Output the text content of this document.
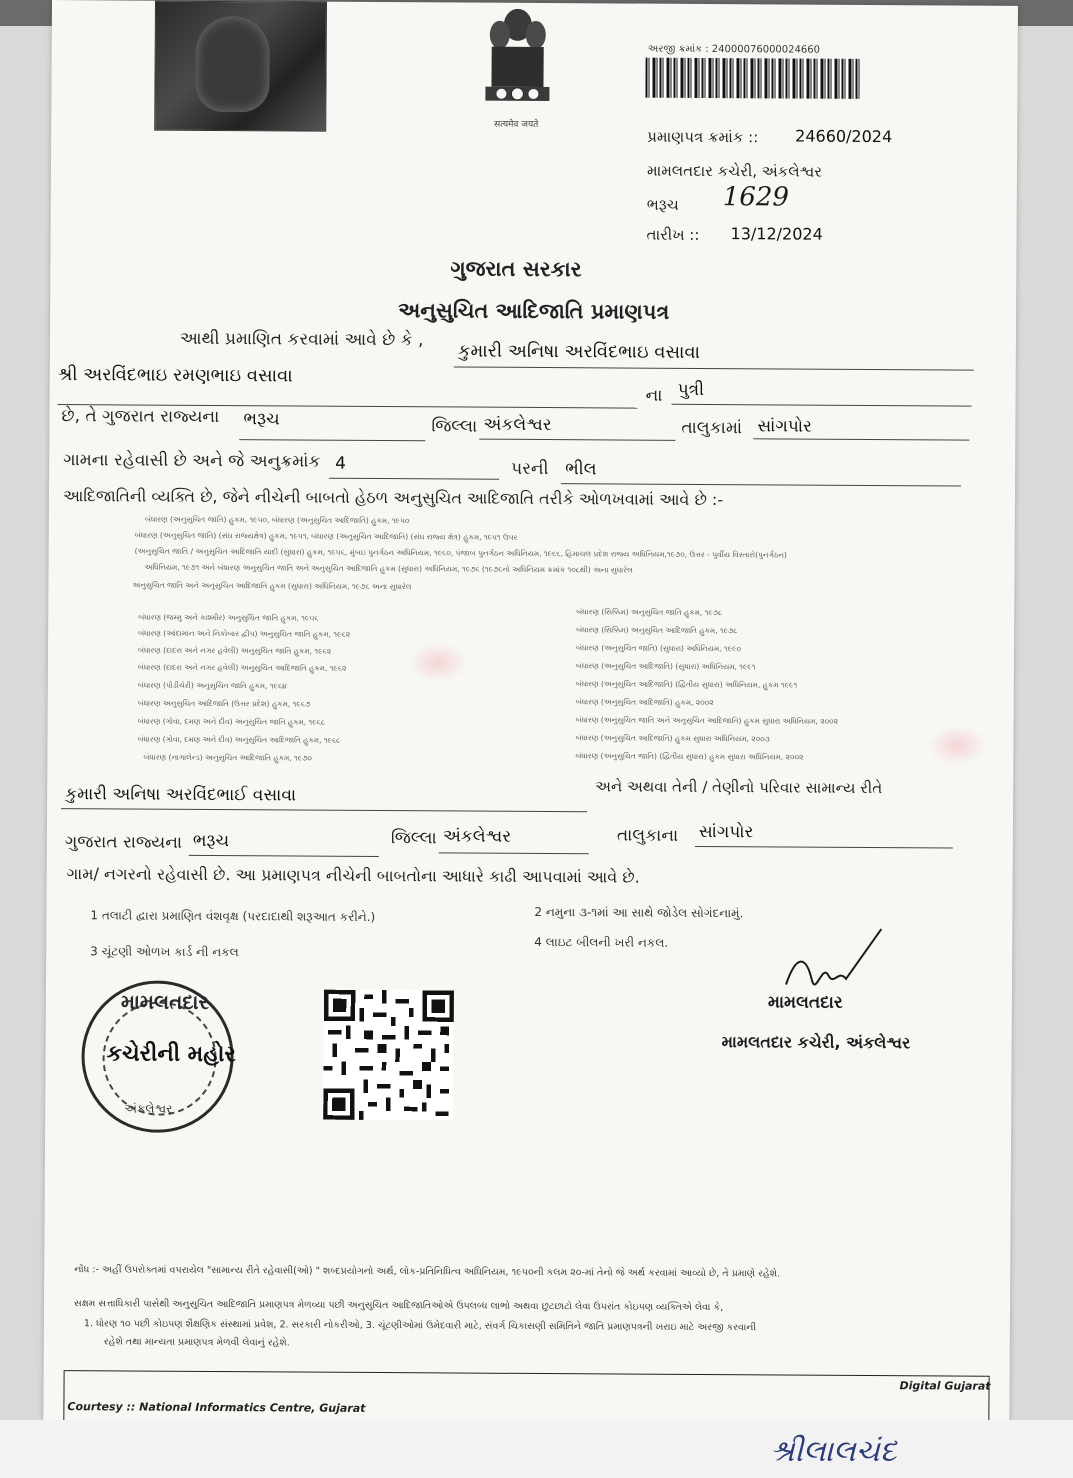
सत्यमेव जयते
અરજી ક્રમાંક : 24000076000024660
પ્રમાણપત્ર ક્રમાંક :: 24660/2024
મામલતદાર કચેરી, અંકલેશ્વર
ભરૂચ 1629
તારીખ :: 13/12/2024
ગુજરાત સરકાર
અનુસુચિત આદિજાતિ પ્રમાણપત્ર
આથી પ્રમાણિત કરવામાં આવે છે કે ,
કુમારી અનિષા અરવિંદભાઇ વસાવા
શ્રી અરવિંદભાઇ રમણભાઇ વસાવા
ના પુત્રી
છે, તે ગુજરાત રાજ્યના ભરૂચ	જિલ્લા અંકલેશ્વર	તાલુકામાં સાંગપોર
ગામના રહેવાસી છે અને જે અનુક્રમાંક 4	પરની ભીલ
આદિજાતિની વ્યક્તિ છે, જેને નીચેની બાબતો હેઠળ અનુસુચિત આદિજાતિ તરીકે ઓળખવામાં આવે છે :-
બંધારણ (અનુસુચિત જાતિ) હુકમ, ૧૯૫૦, બંધારણ (અનુસુચિત આદિજાતિ) હુકમ, ૧૯૫૦
બંધારણ (અનુસુચિત જાતિ) (સંઘ રાજ્યક્ષેત્ર) હુકમ, ૧૯૫૧, બંધારણ (અનુસુચિત આદિજાતિ) (સંઘ રાજ્ય ક્ષેત્ર) હુકમ, ૧૯૫૧ ઉપર
(અનુસુચિત જાતિ / અનુસુચિત આદિજાતિ યાદી (સુધારા) હુકમ, ૧૯૫૬, મુંબઇ પુનર્ગઠન અધિનિયમ, ૧૯૬૦, પંજાબ પુનર્ગઠન અધિનિયમ, ૧૯૬૬, હિમાચલ પ્રદેશ રાજ્ય અધિનિયમ,૧૯૭૦, ઉત્તર - પુર્વીય વિસ્તારો(પુનર્ગઠન)
અધિનિયમ, ૧૯૭૧ અને બંધારણ અનુસુચિત જાતિ અને અનુસુચિત આદિજાતિ હુકમ (સુધારા) અધિનિયમ, ૧૯૭૬ (૧૯૭૬નો અધિનિયમ ક્રમાંક ૧૦૮થી) અના સુધારેલ
અનુસુચિત જાતિ અને અનુસુચિત આદિજાતિ હુકમ (સુધારા) અધિનિયમ, ૧૯૭૬ અના સુધારેલ
બંધારણ (જમ્મુ અને કાશ્મીર) અનુસુચિત જાતિ હુકમ, ૧૯૫૬
બંધારણ (આંદામાન અને નિકોબાર દ્વીપ) અનુસુચિત જાતિ હુકમ, ૧૯૬૨
બંધારણ (દાદરા અને નગર હવેલી) અનુસુચિત જાતિ હુકમ, ૧૯૬૨
બંધારણ (દાદરા અને નગર હવેલી) અનુસુચિત આદિજાતિ હુકમ, ૧૯૬૨
બંધારણ (પોંડીચેરી) અનુસુચિત જાતિ હુકમ, ૧૯૬૪
બંધારણ અનુસુચિત આદિજાતિ (ઉત્તર પ્રદેશ) હુકમ, ૧૯૬૭
બંધારણ (ગોવા, દમણ અને દીવ) અનુસુચિત જાતિ હુકમ, ૧૯૬૮
બંધારણ (ગોવા, દમણ અને દીવ) અનુસુચિત આદિજાતિ હુકમ, ૧૯૬૮
બંધારણ (નાગાલેન્ડ) અનુસુચિત આદિજાતિ હુકમ, ૧૯૭૦
બંધારણ (સિક્કિમ) અનુસુચિત જાતિ હુકમ, ૧૯૭૮
બંધારણ (સિક્કિમ) અનુસુચિત આદિજાતિ હુકમ, ૧૯૭૮
બંધારણ (અનુસુચિત જાતિ) (સુધારા) અધિનિયમ, ૧૯૯૦
બંધારણ (અનુસુચિત આદિજાતિ) (સુધારા) અધિનિયમ, ૧૯૯૧
બંધારણ (અનુસુચિત આદિજાતિ) (દ્વિતીય સુધારા) અધિનિયમ, હુકમ ૧૯૯૧
બંધારણ (અનુસુચિત આદિજાતિ) હુકમ, ૨૦૦૨
બંધારણ (અનુસુચિત જાતિ અને અનુસુચિત આદિજાતિ) હુકમ સુધારા અધિનિયમ, ૨૦૦૨
બંધારણ (અનુસુચિત આદિજાતિ) હુકમ સુધારા અધિનિયમ, ૨૦૦૩
બંધારણ (અનુસુચિત જાતિ) (દ્વિતીય સુધારા) હુકમ સુધારા અધિનિયમ, ૨૦૦૨
કુમારી અનિષા અરવિંદભાઈ વસાવા	અને અથવા તેની / તેણીનો પરિવાર સામાન્ય રીતે
ગુજરાત રાજ્યના ભરૂચ	જિલ્લા અંકલેશ્વર	તાલુકાના સાંગપોર
ગામ/ નગરનો રહેવાસી છે. આ પ્રમાણપત્ર નીચેની બાબતોના આધારે કાઢી આપવામાં આવે છે.
1 તલાટી દ્વારા પ્રમાણિત વંશવૃક્ષ (પરદાદાથી શરૂઆત કરીને.)	2 નમુના ૩-૧માં આ સાથે જોડેલ સોગંદનામું.
3 ચૂંટણી ઓળખ કાર્ડ ની નકલ
4 લાઇટ બીલની ખરી નકલ.
મામલતદાર
મામલતદાર કચેરી, અંકલેશ્વર
મામલતદાર
કચેરીની મહોર
અંકલેશ્વર
નોંધ :- અહીં ઉપરોક્તમાં વપરાયેલ "સામાન્ય રીતે રહેવાસી(ઓ) " શબ્દપ્રયોગનો અર્થ, લોક-પ્રતિનિધિત્વ અધિનિયમ, ૧૯૫૦ની કલમ ૨૦-માં તેનો જે અર્થ કરવામાં આવ્યો છે, તે પ્રમાણે રહેશે.
સક્ષમ સત્તાધિકારી પાસેથી અનુસુચિત આદિજાતિ પ્રમાણપત્ર મેળવ્યા પછી અનુસુચિત આદિજાતિઓએ ઉપલબ્ધ લાભો અથવા છુટછાટો લેવા ઉપરાંત કોઇપણ વ્યક્તિએ લેવા કે,
1. ધોરણ ૧૦ પછી કોઇપણ શૈક્ષણિક સંસ્થામાં પ્રવેશ, 2. સરકારી નોકરીઓ, 3. ચૂંટણીઓમાં ઉમેદવારી માટે, સંવર્ગ ચિકાસણી સમિતિને જાતિ પ્રમાણપત્રની ખરાઇ માટે અરજી કરવાની
રહેશે તથા માન્યતા પ્રમાણપત્ર મેળવી લેવાનું રહેશે.
Digital Gujarat
Courtesy :: National Informatics Centre, Gujarat
શ્રીલાલચંદ
